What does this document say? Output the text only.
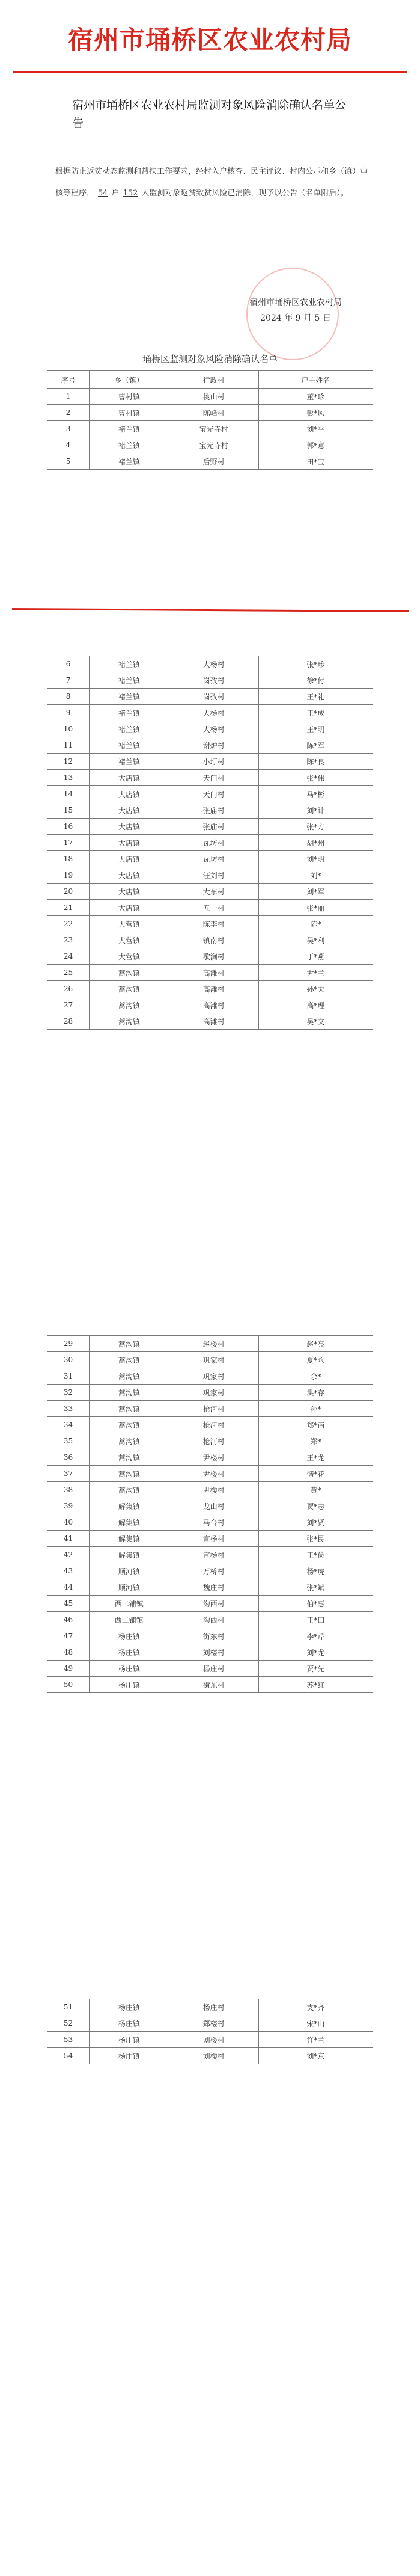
宿州市埇桥区农业农村局
宿州市埇桥区农业农村局监测对象风险消除确认名单公告
根据防止返贫动态监测和帮扶工作要求，经村入户核查、民主评议、村内公示和乡（镇）审核等程序， 54 户 152 人监测对象返贫致贫风险已消除，现予以公告（名单附后）。
宿州市埇桥区农业农村局
2024 年 9 月 5 日
埇桥区监测对象风险消除确认名单
序号	乡（镇）	行政村	户主姓名
1	曹村镇	桃山村	董*珍
2	曹村镇	陈峰村	彭*风
3	褚兰镇	宝光寺村	刘*平
4	褚兰镇	宝光寺村	郭*意
5	褚兰镇	后野村	田*宝
6	褚兰镇	大杨村	张*珍
7	褚兰镇	岗孜村	徐*付
8	褚兰镇	岗孜村	王*礼
9	褚兰镇	大杨村	王*成
10	褚兰镇	大杨村	王*明
11	褚兰镇	谢炉村	陈*军
12	褚兰镇	小圩村	陈*良
13	大店镇	天门村	张*伟
14	大店镇	天门村	马*彬
15	大店镇	张庙村	刘*计
16	大店镇	张庙村	张*方
17	大店镇	瓦坊村	胡*州
18	大店镇	瓦坊村	刘*明
19	大店镇	汪刘村	刘*
20	大店镇	大东村	刘*军
21	大店镇	五一村	张*丽
22	大营镇	陈李村	陈*
23	大营镇	镇南村	吴*利
24	大营镇	歇涧村	丁*燕
25	蒿沟镇	高滩村	尹*兰
26	蒿沟镇	高滩村	孙*夫
27	蒿沟镇	高滩村	高*理
28	蒿沟镇	高滩村	吴*文
29	蒿沟镇	赵楼村	赵*亮
30	蒿沟镇	巩家村	夏*永
31	蒿沟镇	巩家村	余*
32	蒿沟镇	巩家村	洪*存
33	蒿沟镇	枪河村	孙*
34	蒿沟镇	枪河村	郑*南
35	蒿沟镇	枪河村	郑*
36	蒿沟镇	尹楼村	王*龙
37	蒿沟镇	尹楼村	储*花
38	蒿沟镇	尹楼村	黄*
39	解集镇	龙山村	贾*志
40	解集镇	马台村	刘*贤
41	解集镇	宣杨村	张*民
42	解集镇	宣杨村	王*俭
43	顺河镇	万桥村	杨*虎
44	顺河镇	魏庄村	张*斌
45	西二铺镇	沟西村	伯*惠
46	西二铺镇	沟西村	王*田
47	杨庄镇	街东村	李*芹
48	杨庄镇	刘楼村	刘*龙
49	杨庄镇	杨庄村	贾*先
50	杨庄镇	街东村	苏*红
51	杨庄镇	杨庄村	支*齐
52	杨庄镇	郑楼村	宋*山
53	杨庄镇	刘楼村	许*兰
54	杨庄镇	刘楼村	刘*京
